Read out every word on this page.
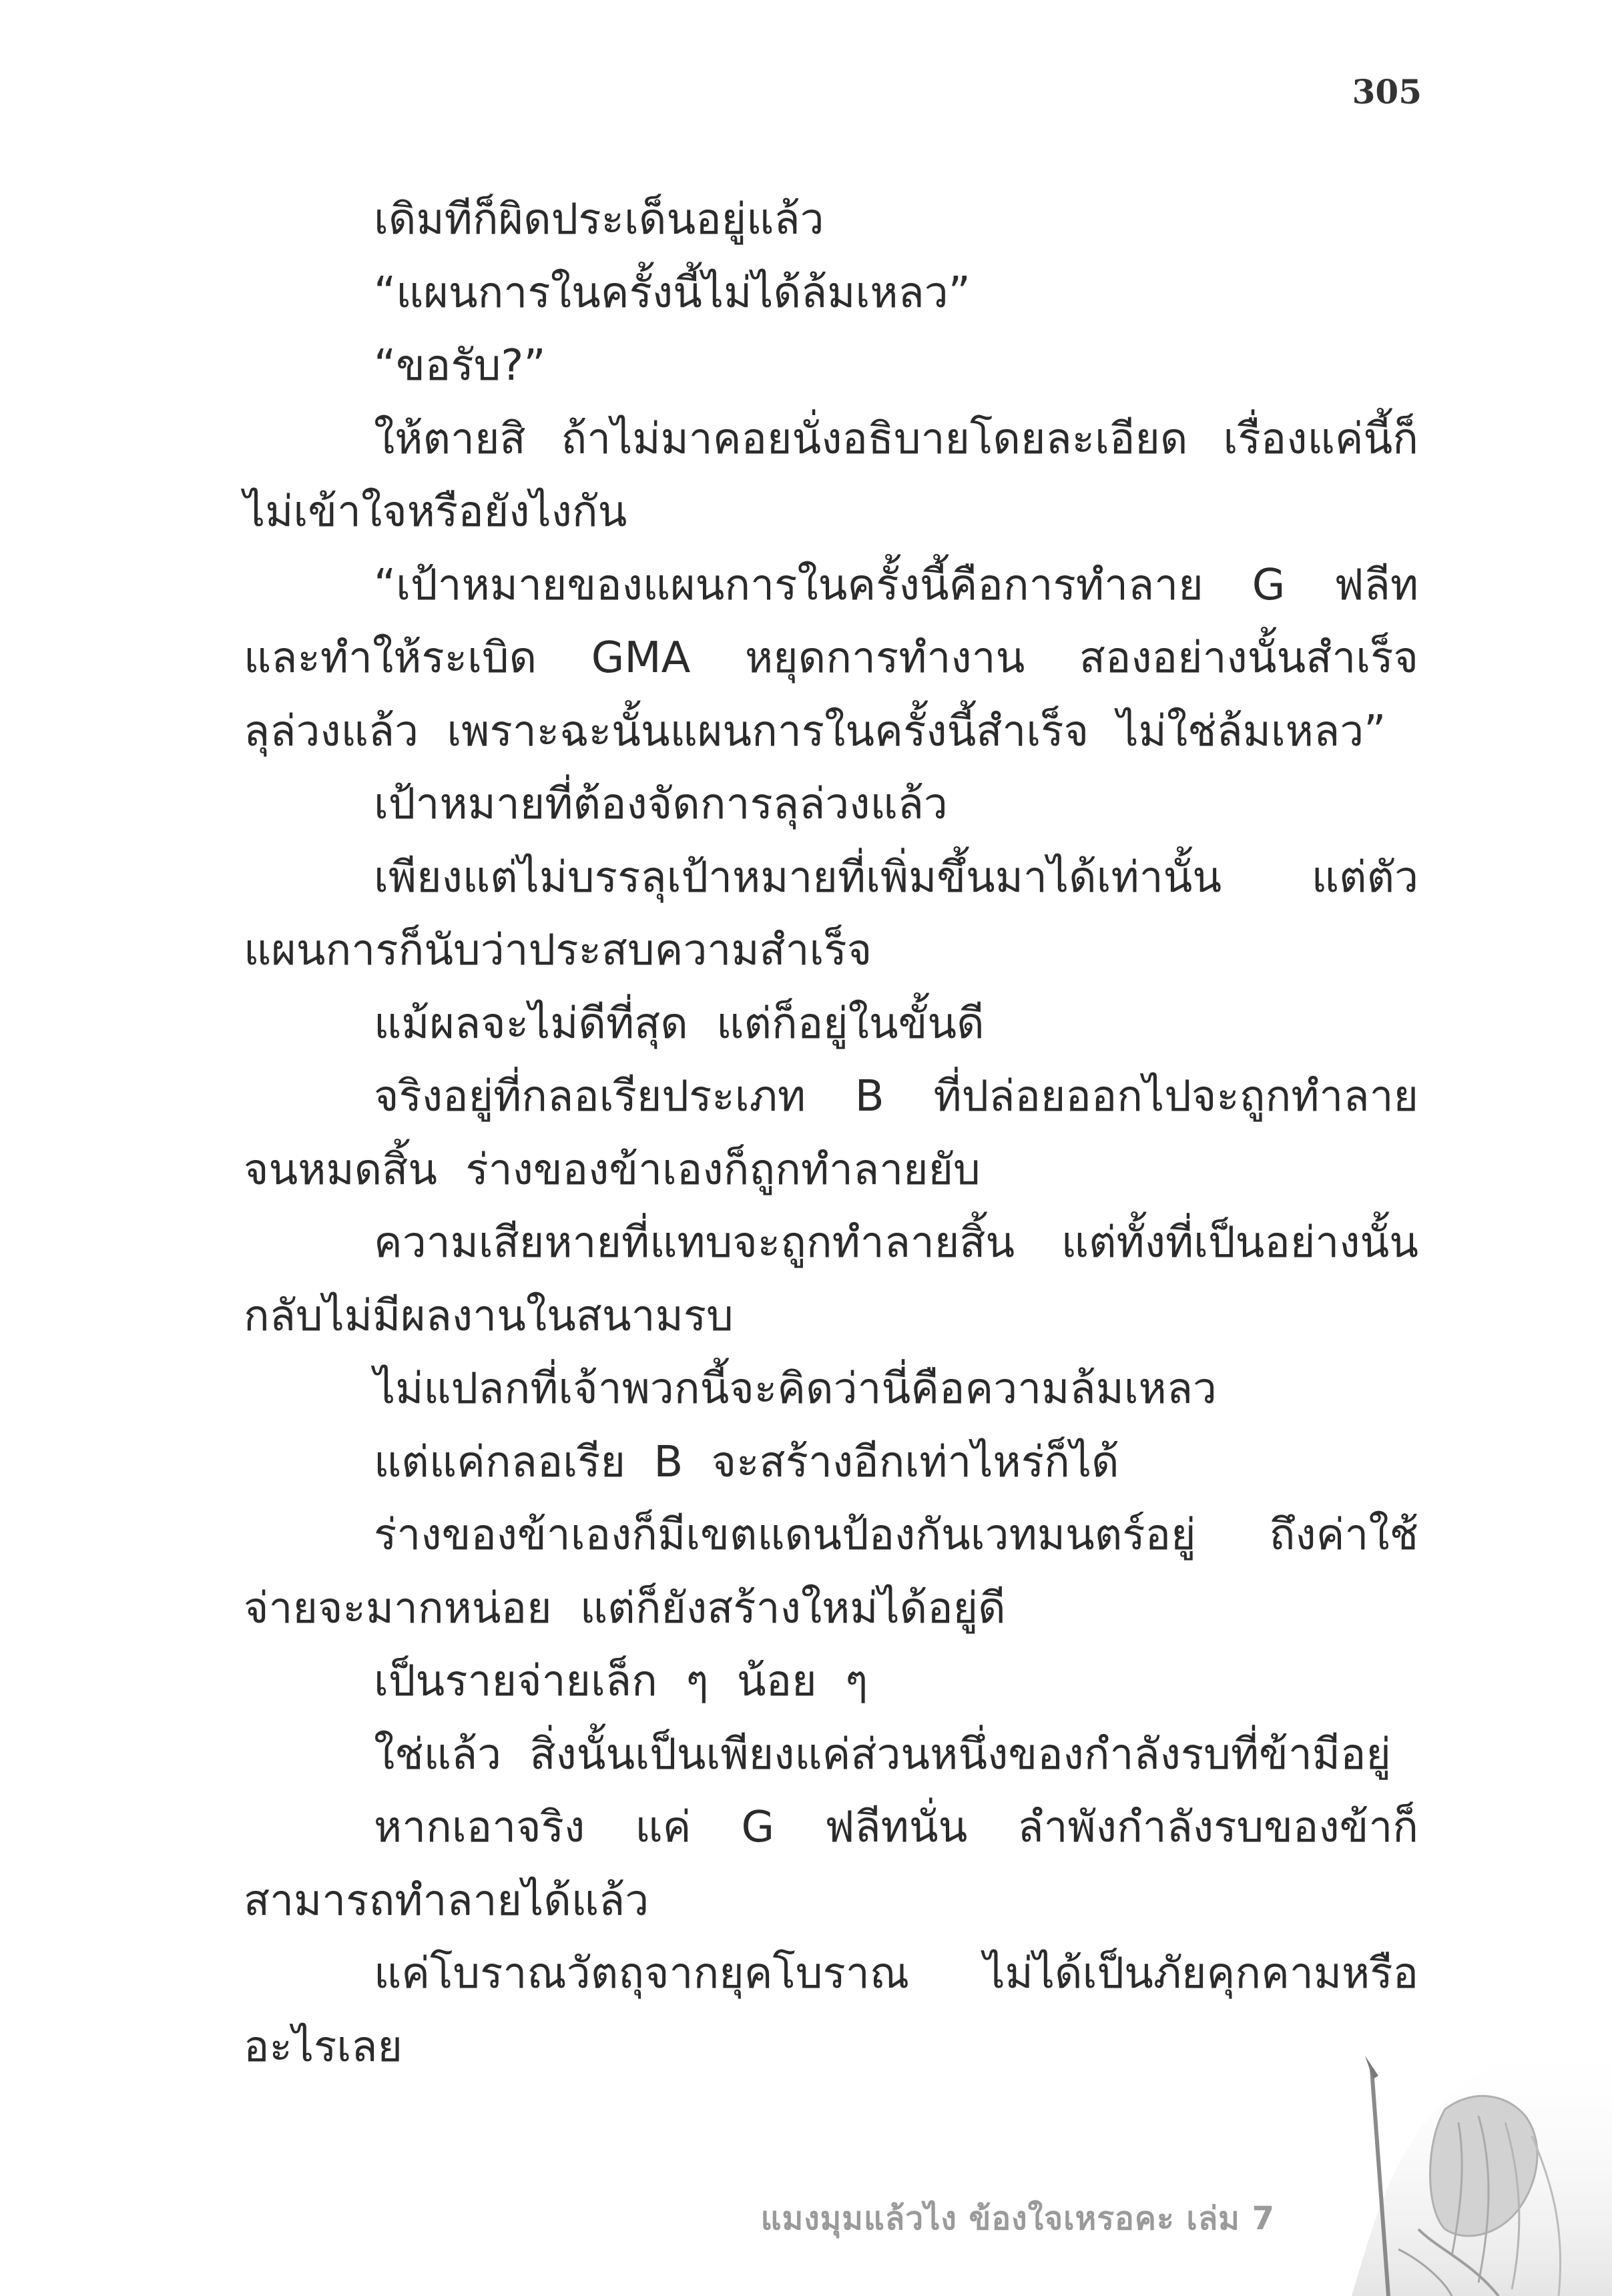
305

เดิมทีก็ผิดประเด็นอยู่แล้ว

“แผนการในครั้งนี้ไม่ได้ล้มเหลว”

“ขอรับ?”

ให้ตายสิ ถ้าไม่มาคอยนั่งอธิบายโดยละเอียด เรื่องแค่นี้ก็ไม่เข้าใจหรือยังไงกัน

“เป้าหมายของแผนการในครั้งนี้คือการทำลาย G ฟลีท และทำให้ระเบิด GMA หยุดการทำงาน สองอย่างนั้นสำเร็จลุล่วงแล้ว เพราะฉะนั้นแผนการในครั้งนี้สำเร็จ ไม่ใช่ล้มเหลว”

เป้าหมายที่ต้องจัดการลุล่วงแล้ว

เพียงแต่ไม่บรรลุเป้าหมายที่เพิ่มขึ้นมาได้เท่านั้น แต่ตัวแผนการก็นับว่าประสบความสำเร็จ

แม้ผลจะไม่ดีที่สุด แต่ก็อยู่ในขั้นดี

จริงอยู่ที่กลอเรียประเภท B ที่ปล่อยออกไปจะถูกทำลายจนหมดสิ้น ร่างของข้าเองก็ถูกทำลายยับ

ความเสียหายที่แทบจะถูกทำลายสิ้น แต่ทั้งที่เป็นอย่างนั้นกลับไม่มีผลงานในสนามรบ

ไม่แปลกที่เจ้าพวกนี้จะคิดว่านี่คือความล้มเหลว

แต่แค่กลอเรีย B จะสร้างอีกเท่าไหร่ก็ได้

ร่างของข้าเองก็มีเขตแดนป้องกันเวทมนตร์อยู่ ถึงค่าใช้จ่ายจะมากหน่อย แต่ก็ยังสร้างใหม่ได้อยู่ดี

เป็นรายจ่ายเล็ก ๆ น้อย ๆ

ใช่แล้ว สิ่งนั้นเป็นเพียงแค่ส่วนหนึ่งของกำลังรบที่ข้ามีอยู่

หากเอาจริง แค่ G ฟลีทนั่น ลำพังกำลังรบของข้าก็สามารถทำลายได้แล้ว

แค่โบราณวัตถุจากยุคโบราณ ไม่ได้เป็นภัยคุกคามหรืออะไรเลย

แมงมุมแล้วไง ข้องใจเหรอคะ เล่ม 7
